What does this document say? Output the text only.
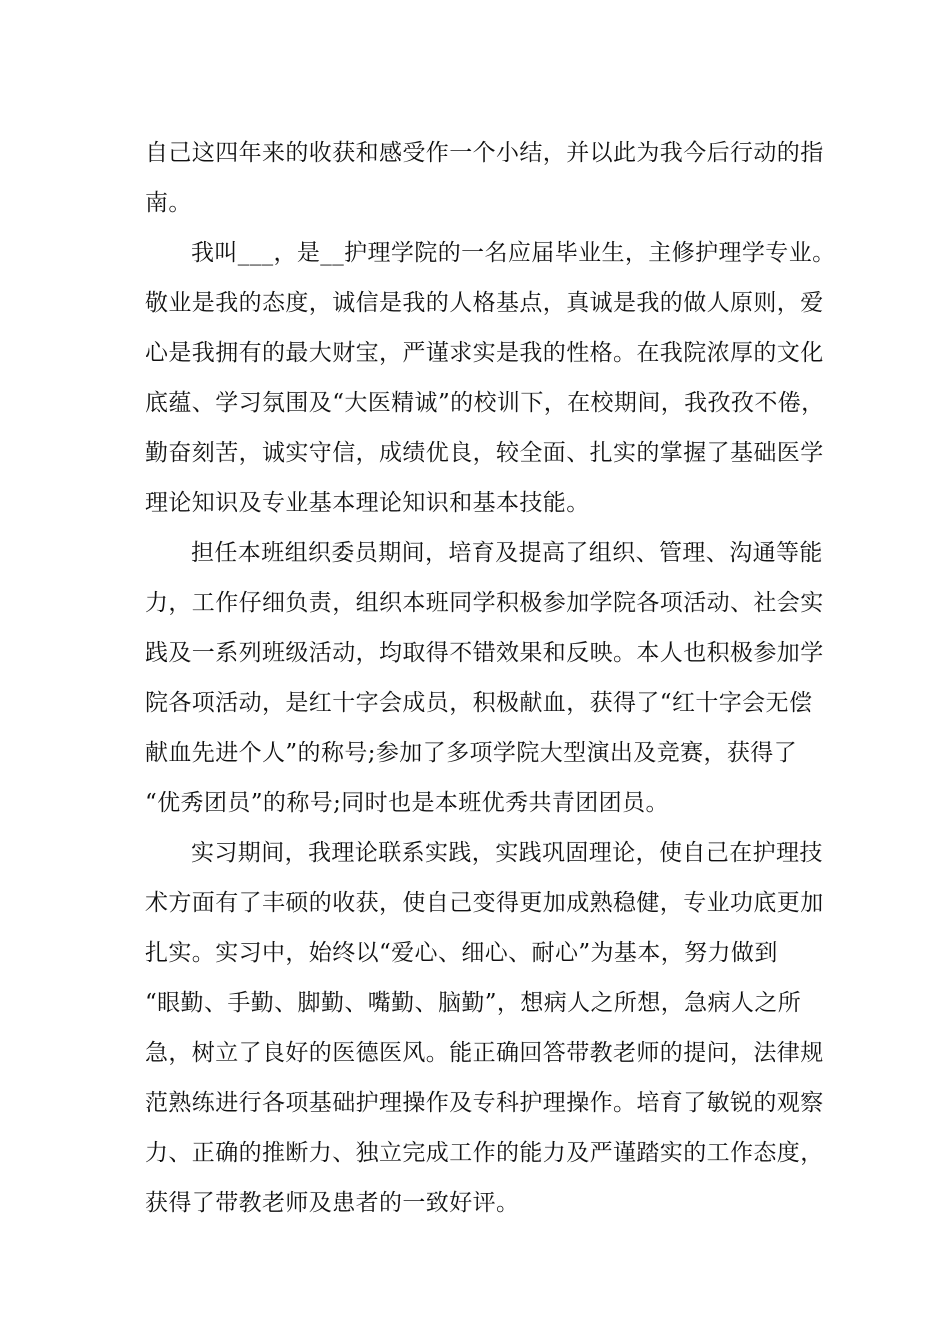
自己这四年来的收获和感受作一个小结，并以此为我今后行动的指
南。
我叫___，是__护理学院的一名应届毕业生，主修护理学专业。
敬业是我的态度，诚信是我的人格基点，真诚是我的做人原则，爱
心是我拥有的最大财宝，严谨求实是我的性格。在我院浓厚的文化
底蕴、学习氛围及“大医精诚”的校训下，在校期间，我孜孜不倦，
勤奋刻苦，诚实守信，成绩优良，较全面、扎实的掌握了基础医学
理论知识及专业基本理论知识和基本技能。
担任本班组织委员期间，培育及提高了组织、管理、沟通等能
力，工作仔细负责，组织本班同学积极参加学院各项活动、社会实
践及一系列班级活动，均取得不错效果和反映。本人也积极参加学
院各项活动，是红十字会成员，积极献血，获得了“红十字会无偿
献血先进个人”的称号;参加了多项学院大型演出及竞赛，获得了
“优秀团员”的称号;同时也是本班优秀共青团团员。
实习期间，我理论联系实践，实践巩固理论，使自己在护理技
术方面有了丰硕的收获，使自己变得更加成熟稳健，专业功底更加
扎实。实习中，始终以“爱心、细心、耐心”为基本，努力做到
“眼勤、手勤、脚勤、嘴勤、脑勤”，想病人之所想，急病人之所
急，树立了良好的医德医风。能正确回答带教老师的提问，法律规
范熟练进行各项基础护理操作及专科护理操作。培育了敏锐的观察
力、正确的推断力、独立完成工作的能力及严谨踏实的工作态度，
获得了带教老师及患者的一致好评。
